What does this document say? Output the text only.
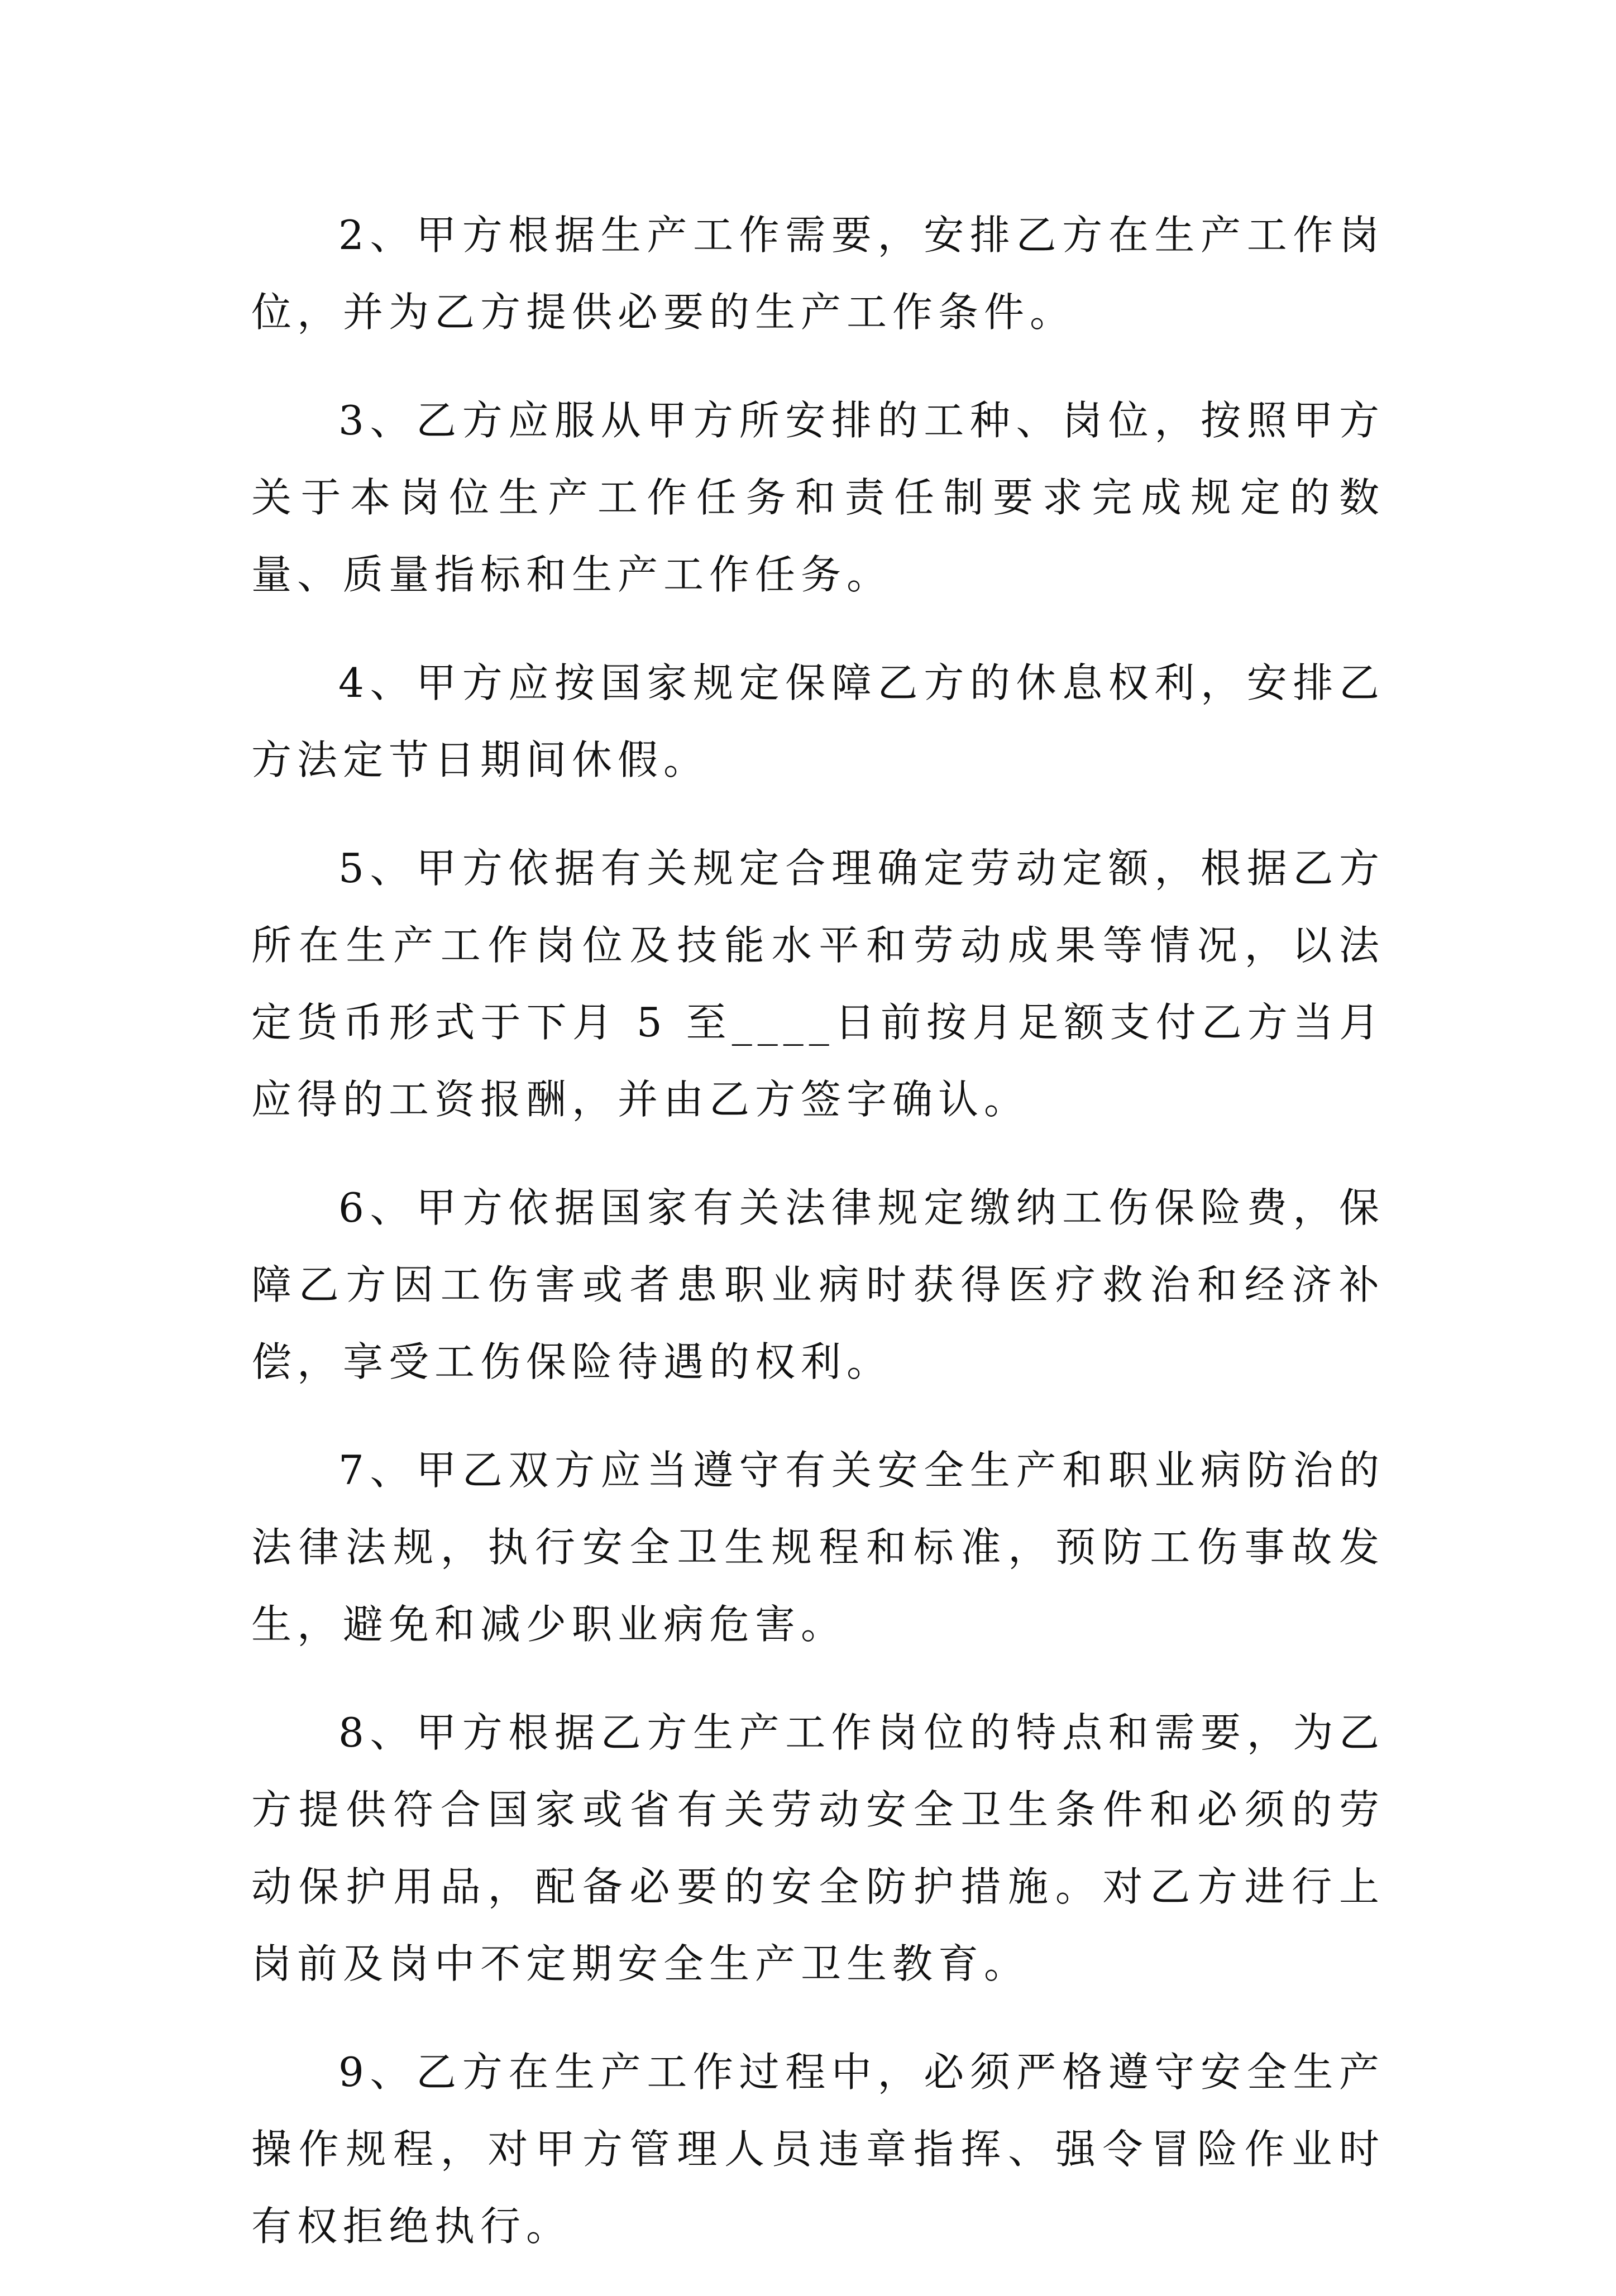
2、甲方根据生产工作需要，安排乙方在生产工作岗位，并为乙方提供必要的生产工作条件。

3、乙方应服从甲方所安排的工种、岗位，按照甲方关于本岗位生产工作任务和责任制要求完成规定的数量、质量指标和生产工作任务。

4、甲方应按国家规定保障乙方的休息权利，安排乙方法定节日期间休假。

5、甲方依据有关规定合理确定劳动定额，根据乙方所在生产工作岗位及技能水平和劳动成果等情况，以法定货币形式于下月 5 至____日前按月足额支付乙方当月应得的工资报酬，并由乙方签字确认。

6、甲方依据国家有关法律规定缴纳工伤保险费，保障乙方因工伤害或者患职业病时获得医疗救治和经济补偿，享受工伤保险待遇的权利。

7、甲乙双方应当遵守有关安全生产和职业病防治的法律法规，执行安全卫生规程和标准，预防工伤事故发生，避免和减少职业病危害。

8、甲方根据乙方生产工作岗位的特点和需要，为乙方提供符合国家或省有关劳动安全卫生条件和必须的劳动保护用品，配备必要的安全防护措施。对乙方进行上岗前及岗中不定期安全生产卫生教育。

9、乙方在生产工作过程中，必须严格遵守安全生产操作规程，对甲方管理人员违章指挥、强令冒险作业时有权拒绝执行。
